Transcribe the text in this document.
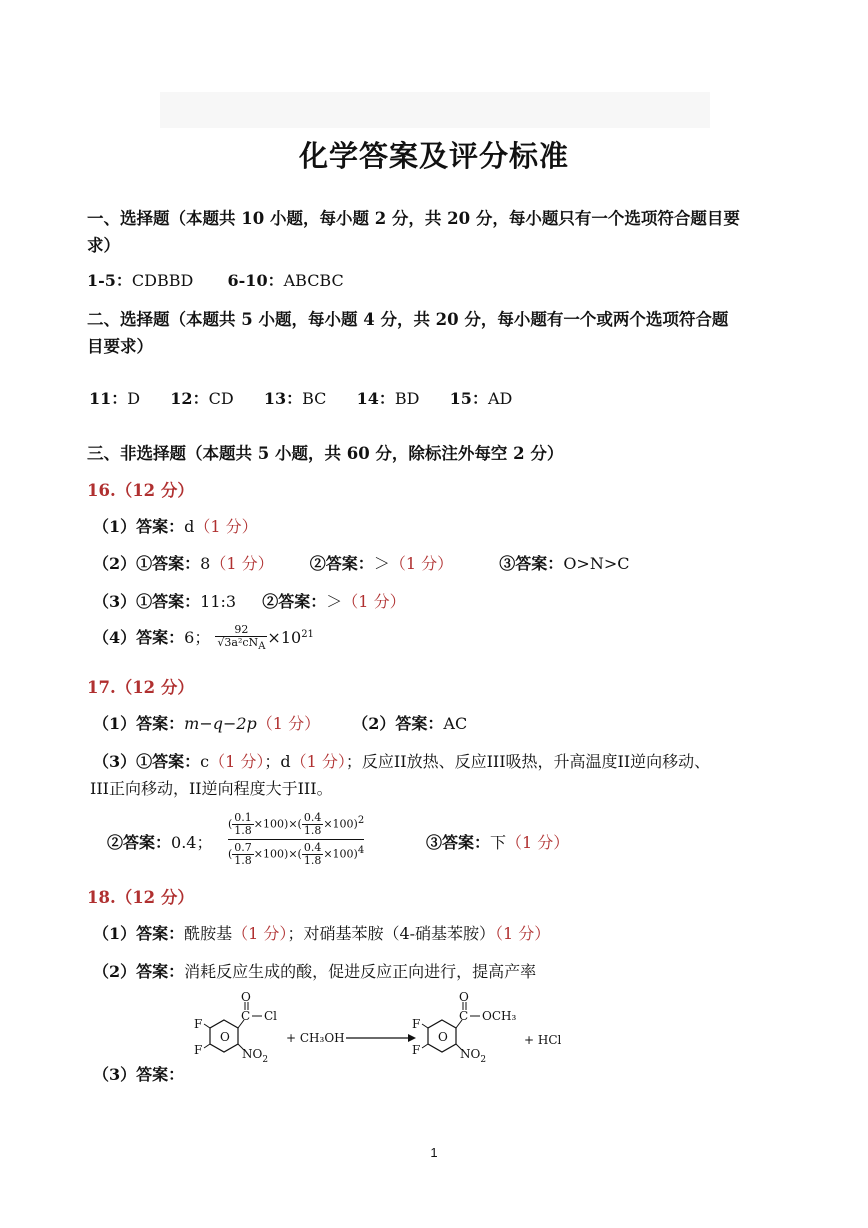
化学答案及评分标准
一、选择题（本题共 10 小题，每小题 2 分，共 20 分，每小题只有一个选项符合题目要
求）
1-5：CDBBD 6-10：ABCBC
二、选择题（本题共 5 小题，每小题 4 分，共 20 分，每小题有一个或两个选项符合题
目要求）
11：D 12：CD 13：BC 14：BD 15：AD
三、非选择题（本题共 5 小题，共 60 分，除标注外每空 2 分）
16.（12 分）
（1）答案：d（1 分）
（2）①答案：8（1 分） ②答案：＞（1 分）	③答案：O>N>C
（3）①答案：11:3 ②答案：＞（1 分）
（4）答案：6； $\frac{92}{√3a^2cN_A} \times 10^{21}$
17.（12 分）
（1）答案：m−q−2p（1 分） （2）答案：AC
（3）①答案：c（1 分）；d（1 分）；反应II放热、反应III吸热，升高温度II逆向移动、
III正向移动，II逆向程度大于III。
②答案：0.4； $\frac{( \frac{0.1}{1.8} \times 100)\times( \frac{0.4}{1.8} \times 100)^2}{( \frac{0.7}{1.8} \times 100)\times( \frac{0.4}{1.8} \times 100)^4}$	③答案：下（1 分）
18.（12 分）
（1）答案：酰胺基（1 分）；对硝基苯胺（4-硝基苯胺）（1 分）
（2）答案：消耗反应生成的酸，促进反应正向进行，提高产率
O
F
F
C
O
Cl
$NO_2$
+ CH₃OH	O
F
F
C
O
OCH₃
$NO_2$
+ HCl
（3）答案：
1
